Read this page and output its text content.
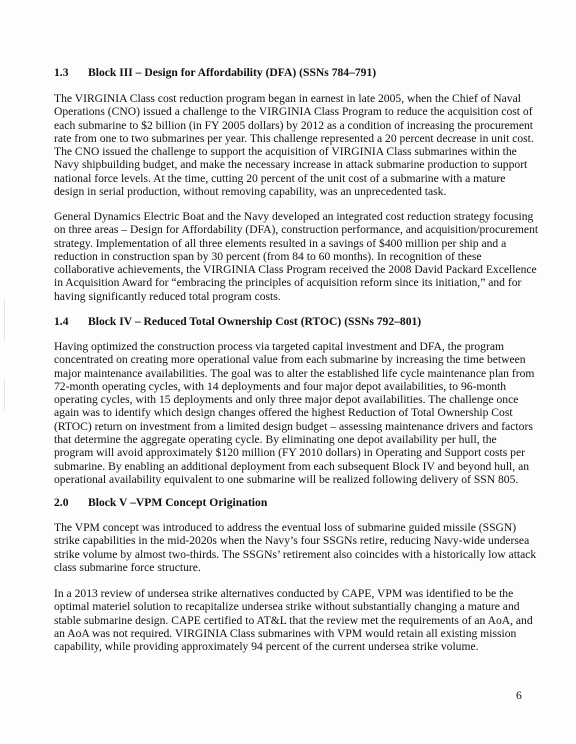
1.3 Block III – Design for Affordability (DFA) (SSNs 784–791)
The VIRGINIA Class cost reduction program began in earnest in late 2005, when the Chief of Naval
Operations (CNO) issued a challenge to the VIRGINIA Class Program to reduce the acquisition cost of
each submarine to $2 billion (in FY 2005 dollars) by 2012 as a condition of increasing the procurement
rate from one to two submarines per year. This challenge represented a 20 percent decrease in unit cost.
The CNO issued the challenge to support the acquisition of VIRGINIA Class submarines within the
Navy shipbuilding budget, and make the necessary increase in attack submarine production to support
national force levels. At the time, cutting 20 percent of the unit cost of a submarine with a mature
design in serial production, without removing capability, was an unprecedented task.
General Dynamics Electric Boat and the Navy developed an integrated cost reduction strategy focusing
on three areas – Design for Affordability (DFA), construction performance, and acquisition/procurement
strategy. Implementation of all three elements resulted in a savings of $400 million per ship and a
reduction in construction span by 30 percent (from 84 to 60 months). In recognition of these
collaborative achievements, the VIRGINIA Class Program received the 2008 David Packard Excellence
in Acquisition Award for “embracing the principles of acquisition reform since its initiation,” and for
having significantly reduced total program costs.
1.4 Block IV – Reduced Total Ownership Cost (RTOC) (SSNs 792–801)
Having optimized the construction process via targeted capital investment and DFA, the program
concentrated on creating more operational value from each submarine by increasing the time between
major maintenance availabilities. The goal was to alter the established life cycle maintenance plan from
72-month operating cycles, with 14 deployments and four major depot availabilities, to 96-month
operating cycles, with 15 deployments and only three major depot availabilities. The challenge once
again was to identify which design changes offered the highest Reduction of Total Ownership Cost
(RTOC) return on investment from a limited design budget – assessing maintenance drivers and factors
that determine the aggregate operating cycle. By eliminating one depot availability per hull, the
program will avoid approximately $120 million (FY 2010 dollars) in Operating and Support costs per
submarine. By enabling an additional deployment from each subsequent Block IV and beyond hull, an
operational availability equivalent to one submarine will be realized following delivery of SSN 805.
2.0 Block V –VPM Concept Origination
The VPM concept was introduced to address the eventual loss of submarine guided missile (SSGN)
strike capabilities in the mid-2020s when the Navy’s four SSGNs retire, reducing Navy-wide undersea
strike volume by almost two-thirds. The SSGNs’ retirement also coincides with a historically low attack
class submarine force structure.
In a 2013 review of undersea strike alternatives conducted by CAPE, VPM was identified to be the
optimal materiel solution to recapitalize undersea strike without substantially changing a mature and
stable submarine design. CAPE certified to AT&L that the review met the requirements of an AoA, and
an AoA was not required. VIRGINIA Class submarines with VPM would retain all existing mission
capability, while providing approximately 94 percent of the current undersea strike volume.
6
